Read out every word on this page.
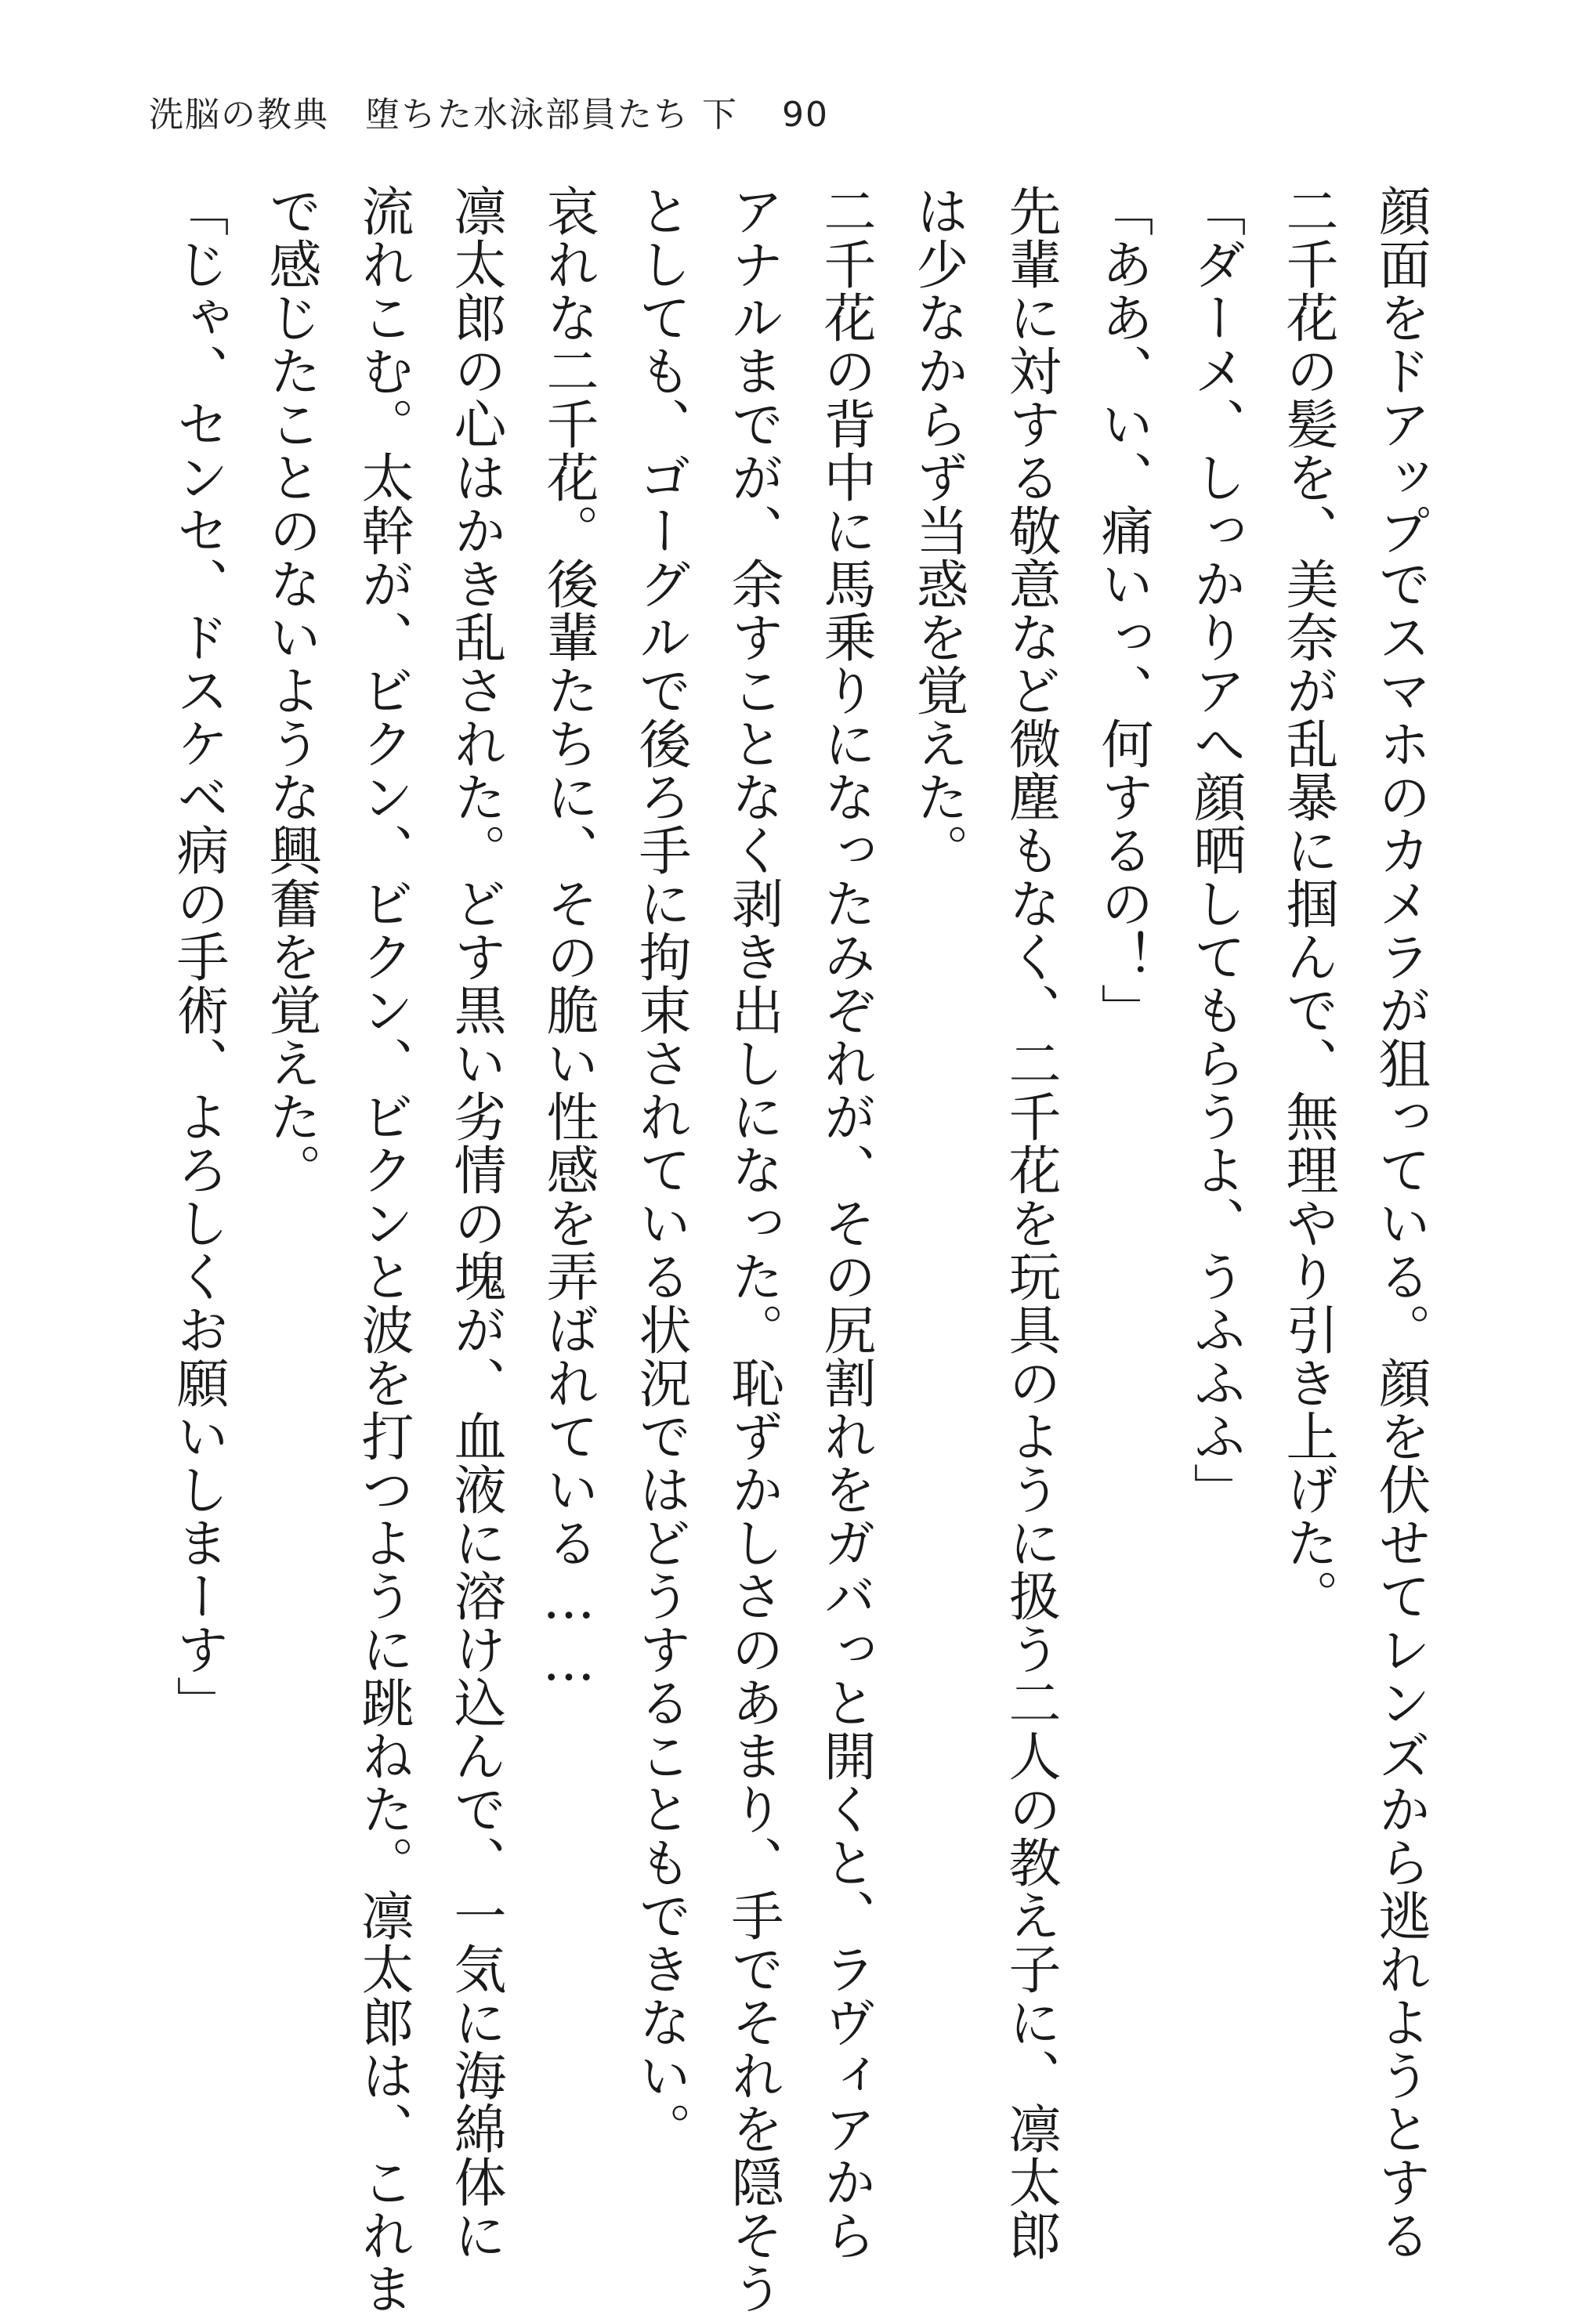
洗脳の教典　堕ちた水泳部員たち 下 90
顔面をドアップでスマホのカメラが狙っている。顔を伏せてレンズから逃れようとする
二千花の髪を、美奈が乱暴に掴んで、無理やり引き上げた。
「ダーメ、しっかりアへ顔晒してもらうよ、うふふふ」
「ああ、い、痛いっ、何するの！」
先輩に対する敬意など微塵もなく、二千花を玩具のように扱う二人の教え子に、凛太郎
は少なからず当惑を覚えた。
二千花の背中に馬乗りになったみぞれが、その尻割れをガバっと開くと、ラヴィアから
アナルまでが、余すことなく剥き出しになった。恥ずかしさのあまり、手でそれを隠そう
としても、ゴーグルで後ろ手に拘束されている状況ではどうすることもできない。
哀れな二千花。後輩たちに、その脆い性感を弄ばれている……
凛太郎の心はかき乱された。どす黒い劣情の塊が、血液に溶け込んで、一気に海綿体に
流れこむ。太幹が、ビクン、ビクン、ビクンと波を打つように跳ねた。凛太郎は、これま
で感じたことのないような興奮を覚えた。
「じゃ、センセ、ドスケベ病の手術、よろしくお願いしまーす」
